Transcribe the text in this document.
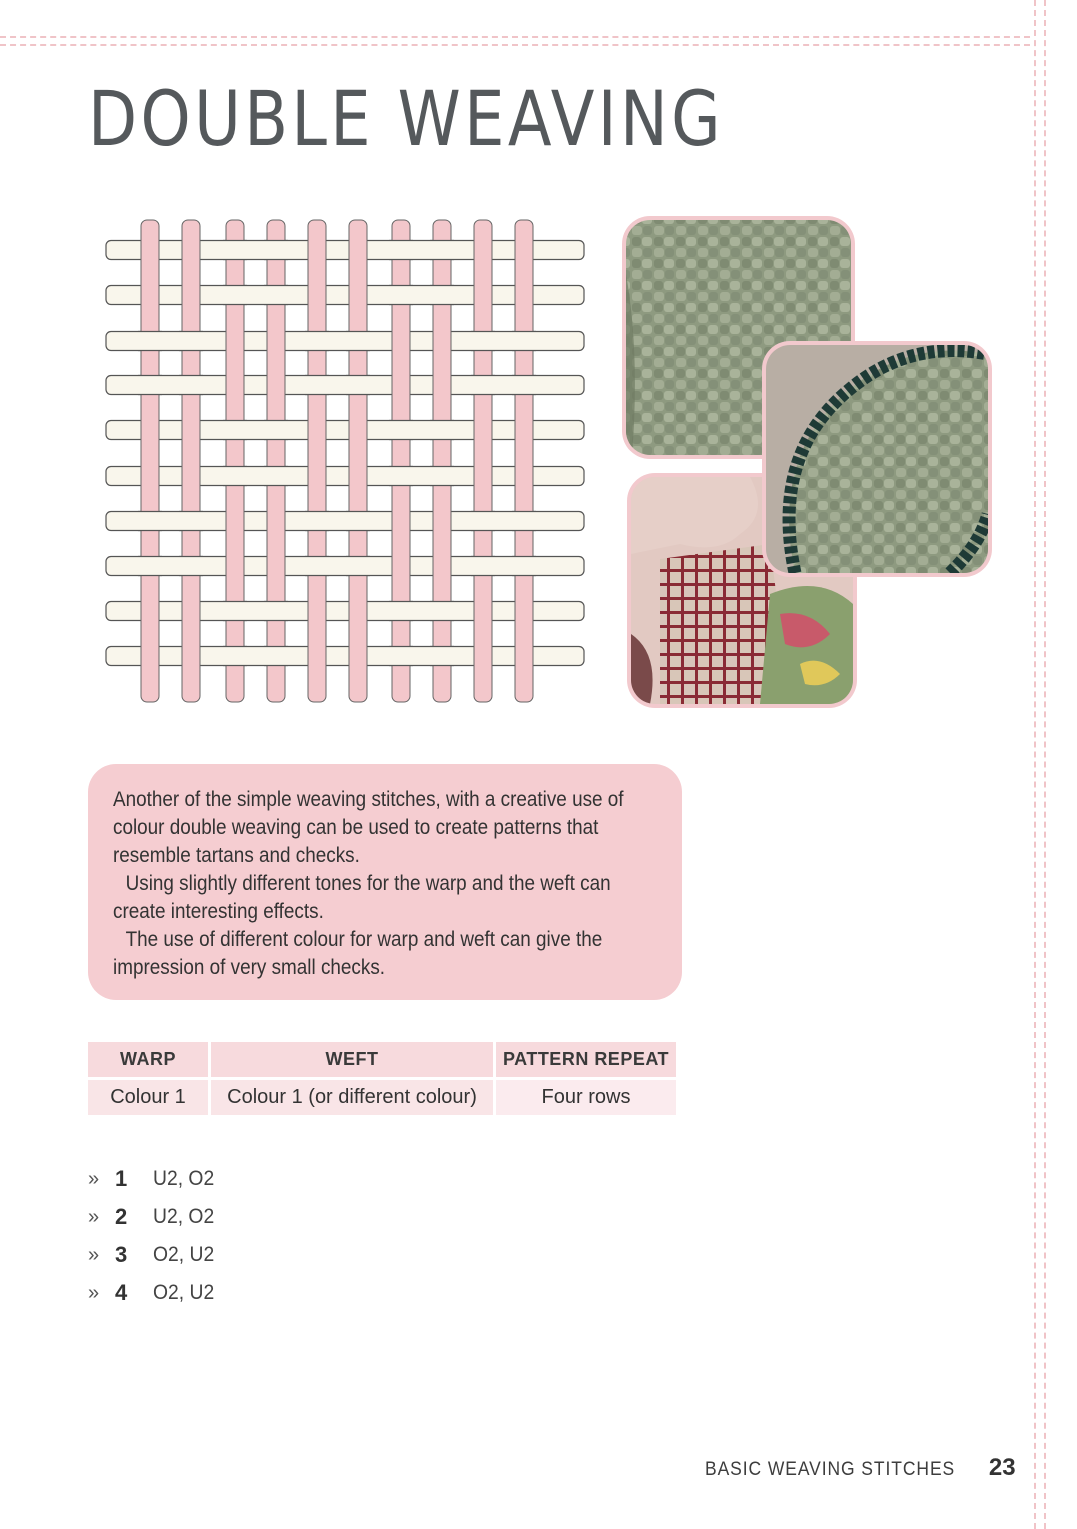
DOUBLE WEAVING

Another of the simple weaving stitches, with a creative use of colour double weaving can be used to create patterns that resemble tartans and checks.

Using slightly different tones for the warp and the weft can create interesting effects.

The use of different colour for warp and weft can give the impression of very small checks.

WARP	WEFT	PATTERN REPEAT
Colour 1	Colour 1 (or different colour)	Four rows
» 1	U2, O2
» 2	U2, O2
» 3	O2, U2
» 4	O2, U2
BASIC WEAVING STITCHES 23
